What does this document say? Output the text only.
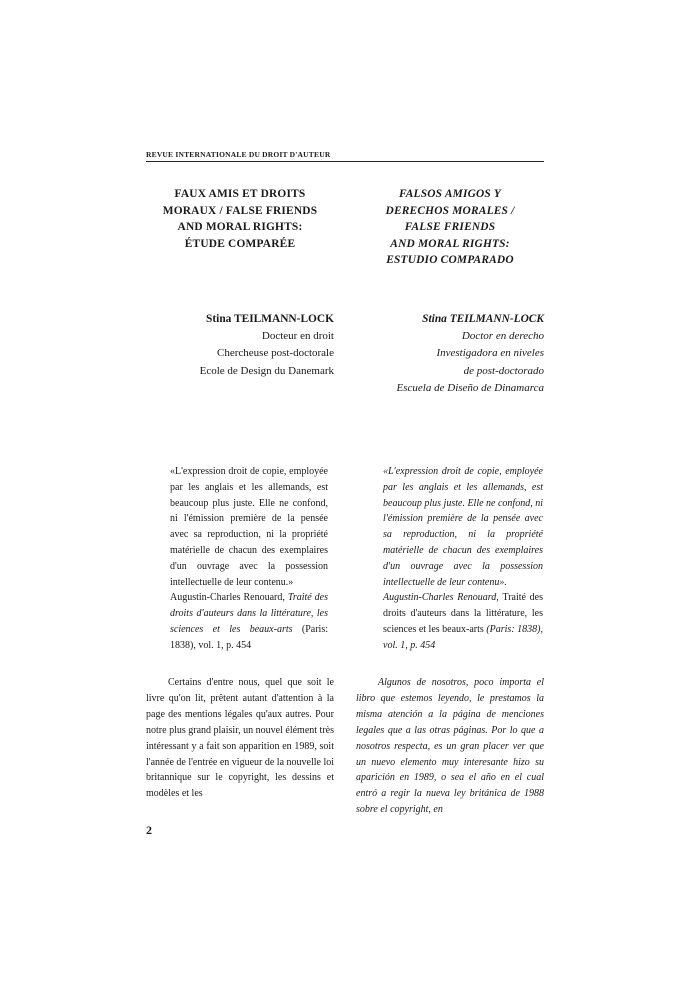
REVUE INTERNATIONALE DU DROIT D'AUTEUR
FAUX AMIS ET DROITS
MORAUX / FALSE FRIENDS
AND MORAL RIGHTS:
ÉTUDE COMPARÉE
FALSOS AMIGOS Y
DERECHOS MORALES /
FALSE FRIENDS
AND MORAL RIGHTS:
ESTUDIO COMPARADO
Stina TEILMANN-LOCK
Docteur en droit
Chercheuse post-doctorale
Ecole de Design du Danemark
Stina TEILMANN-LOCK
Doctor en derecho
Investigadora en niveles
de post-doctorado
Escuela de Diseño de Dinamarca
«L'expression droit de copie, employée par les anglais et les allemands, est beaucoup plus juste. Elle ne confond, ni l'émission première de la pensée avec sa reproduction, ni la propriété matérielle de chacun des exemplaires d'un ouvrage avec la possession intellectuelle de leur contenu.»
Augustin-Charles Renouard, Traité des droits d'auteurs dans la littérature, les sciences et les beaux-arts (Paris: 1838), vol. 1, p. 454
«L'expression droit de copie, employée par les anglais et les allemands, est beaucoup plus juste. Elle ne confond, ni l'émission première de la pensée avec sa reproduction, ni la propriété matérielle de chacun des exemplaires d'un ouvrage avec la possession intellectuelle de leur contenu».
Augustin-Charles Renouard, Traité des droits d'auteurs dans la littérature, les sciences et les beaux-arts (Paris: 1838), vol. 1, p. 454
Certains d'entre nous, quel que soit le livre qu'on lit, prêtent autant d'attention à la page des mentions légales qu'aux autres. Pour notre plus grand plaisir, un nouvel élément très intéressant y a fait son apparition en 1989, soit l'année de l'entrée en vigueur de la nouvelle loi britannique sur le copyright, les dessins et modèles et les
Algunos de nosotros, poco importa el libro que estemos leyendo, le prestamos la misma atención a la página de menciones legales que a las otras páginas. Por lo que a nosotros respecta, es un gran placer ver que un nuevo elemento muy interesante hizo su aparición en 1989, o sea el año en el cual entró a regir la nueva ley británica de 1988 sobre el copyright, en
2
